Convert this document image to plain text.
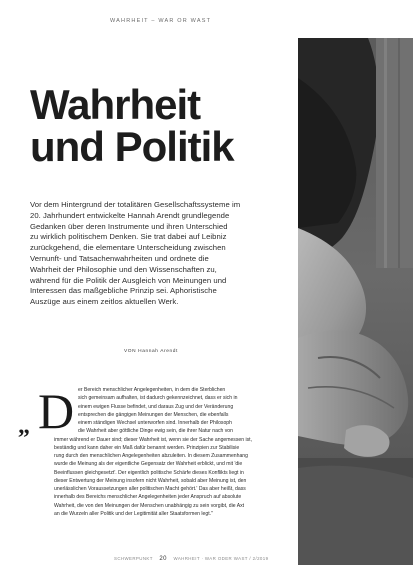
WAHRHEIT – WAR OR WAST
Wahrheit
und Politik
Vor dem Hintergrund der totalitären Gesellschaftssysteme im
20. Jahrhundert entwickelte Hannah Arendt grundlegende
Gedanken über deren Instrumente und ihren Unterschied
zu wirklich politischem Denken. Sie trat dabei auf Leibniz
zurückgehend, die elementare Unterscheidung zwischen
Vernunft- und Tatsachenwahrheiten und ordnete die
Wahrheit der Philosophie und den Wissenschaften zu,
während für die Politik der Ausgleich von Meinungen und
Interessen das maßgebliche Prinzip sei. Aphoristische
Auszüge aus einem zeitlos aktuellen Werk.
VON Hannah Arendt
„ D er Bereich menschlicher Angelegenheiten, in dem die Sterblichen
sich gemeinsam aufhalten, ist dadurch gekennzeichnet, dass er sich in
einem ewigen Flusse befindet, und daraus Zug und der Veränderung
entsprechen die gängigen Meinungen der Menschen, die ebenfalls
einem ständigen Wechsel unterworfen sind. Innerhalb der Philosoph
die Wahrheit aber göttliche Dinge ewig sein, die ihrer Natur nach von
immer während er Dauer sind; dieser Wahrheit ist, wenn sie der Sache angemessen ist,
beständig und kann daher ein Maß dafür benannt werden. Prinzipien zur Stabilisie
rung durch den menschlichen Angelegenheiten abzuleiten. In diesem Zusammenhang
wurde die Meinung als der eigentliche Gegensatz der Wahrheit erblickt, und mit 'die
Beeinflussen gleichgesetzt'. Der eigentlich politische Schärfe dieses Konflikts liegt in
dieser Entwertung der Meinung insofern nicht Wahrheit, sobald aber Meinung ist, den
unerlässlichen Voraussetzungen aller politischen Macht gehört.' Das aber heißt, dass
innerhalb des Bereichs menschlicher Angelegenheiten jeder Anspruch auf absolute
Wahrheit, die von den Meinungen der Menschen unabhängig zu sein vorgibt, die Axt
an die Wurzeln aller Politik und der Legitimität aller Staatsformen legt."
SCHWERPUNKT 20 WAHRHEIT · WAR ODER WAST / 2/2019
